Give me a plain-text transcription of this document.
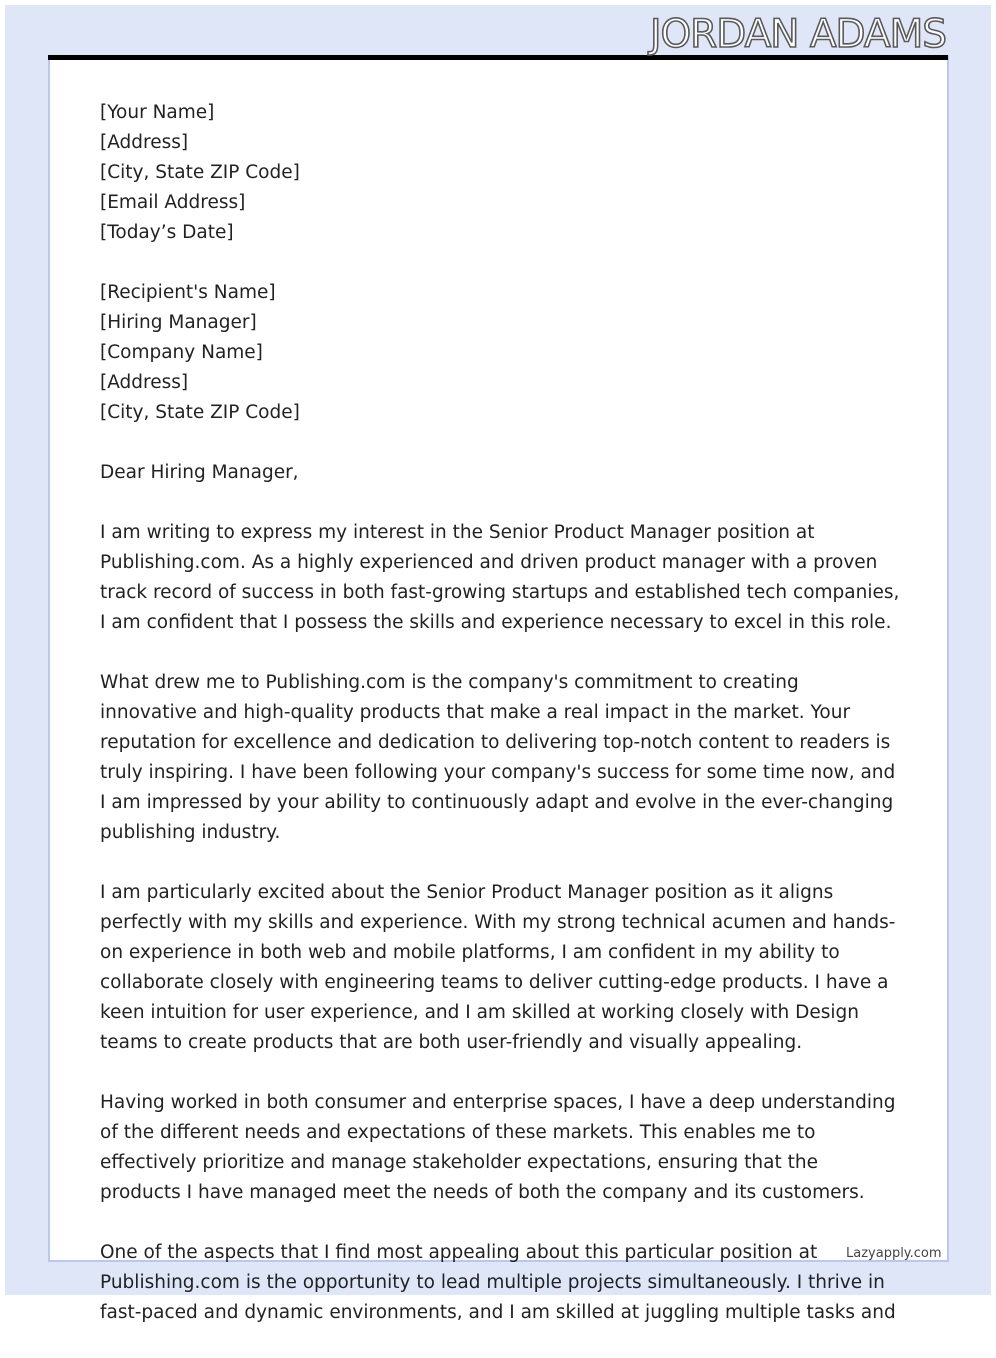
JORDAN ADAMS
[Your Name]
[Address]
[City, State ZIP Code]
[Email Address]
[Today’s Date]
[Recipient's Name]
[Hiring Manager]
[Company Name]
[Address]
[City, State ZIP Code]

Dear Hiring Manager,

I am writing to express my interest in the Senior Product Manager position at Publishing.com. As a highly experienced and driven product manager with a proven track record of success in both fast-growing startups and established tech companies, I am confident that I possess the skills and experience necessary to excel in this role.

What drew me to Publishing.com is the company's commitment to creating innovative and high-quality products that make a real impact in the market. Your reputation for excellence and dedication to delivering top-notch content to readers is truly inspiring. I have been following your company's success for some time now, and I am impressed by your ability to continuously adapt and evolve in the ever-changing publishing industry.

I am particularly excited about the Senior Product Manager position as it aligns perfectly with my skills and experience. With my strong technical acumen and hands-on experience in both web and mobile platforms, I am confident in my ability to collaborate closely with engineering teams to deliver cutting-edge products. I have a keen intuition for user experience, and I am skilled at working closely with Design teams to create products that are both user-friendly and visually appealing.

Having worked in both consumer and enterprise spaces, I have a deep understanding of the different needs and expectations of these markets. This enables me to effectively prioritize and manage stakeholder expectations, ensuring that the products I have managed meet the needs of both the company and its customers.

One of the aspects that I find most appealing about this particular position at Publishing.com is the opportunity to lead multiple projects simultaneously. I thrive in fast-paced and dynamic environments, and I am skilled at juggling multiple tasks and

Lazyapply.com
